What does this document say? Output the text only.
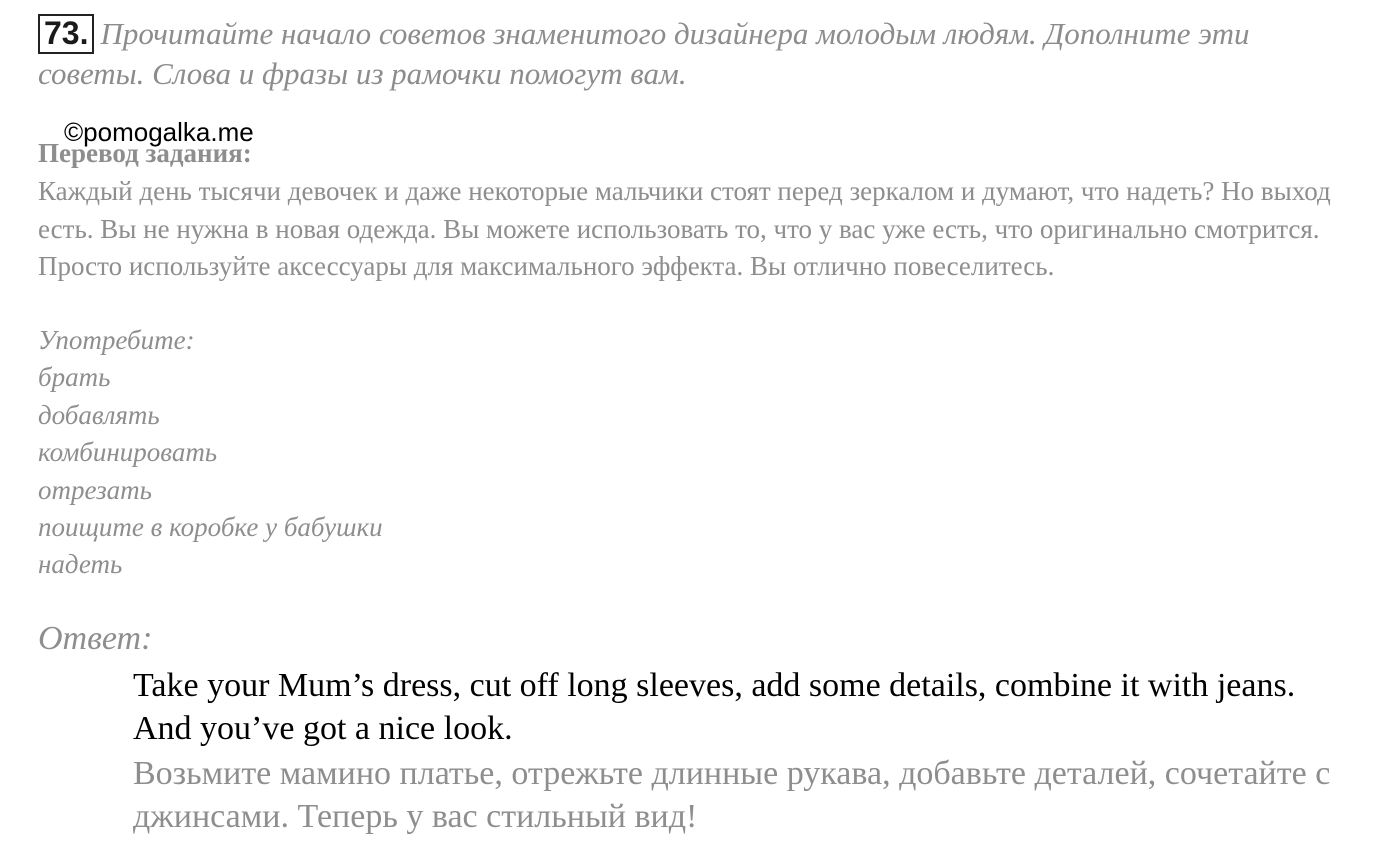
73. Прочитайте начало советов знаменитого дизайнера молодым людям. Дополните эти советы. Слова и фразы из рамочки помогут вам.
©pomogalka.me
Перевод задания:
Каждый день тысячи девочек и даже некоторые мальчики стоят перед зеркалом и думают, что надеть? Но выход есть. Вы не нужна в новая одежда. Вы можете использовать то, что у вас уже есть, что оригинально смотрится. Просто используйте аксессуары для максимального эффекта. Вы отлично повеселитесь.
Употребите:
брать
добавлять
комбинировать
отрезать
поищите в коробке у бабушки
надеть
Ответ:
Take your Mum’s dress, cut off long sleeves, add some details, combine it with jeans. And you’ve got a nice look.
Возьмите мамино платье, отрежьте длинные рукава, добавьте деталей, сочетайте с джинсами. Теперь у вас стильный вид!
